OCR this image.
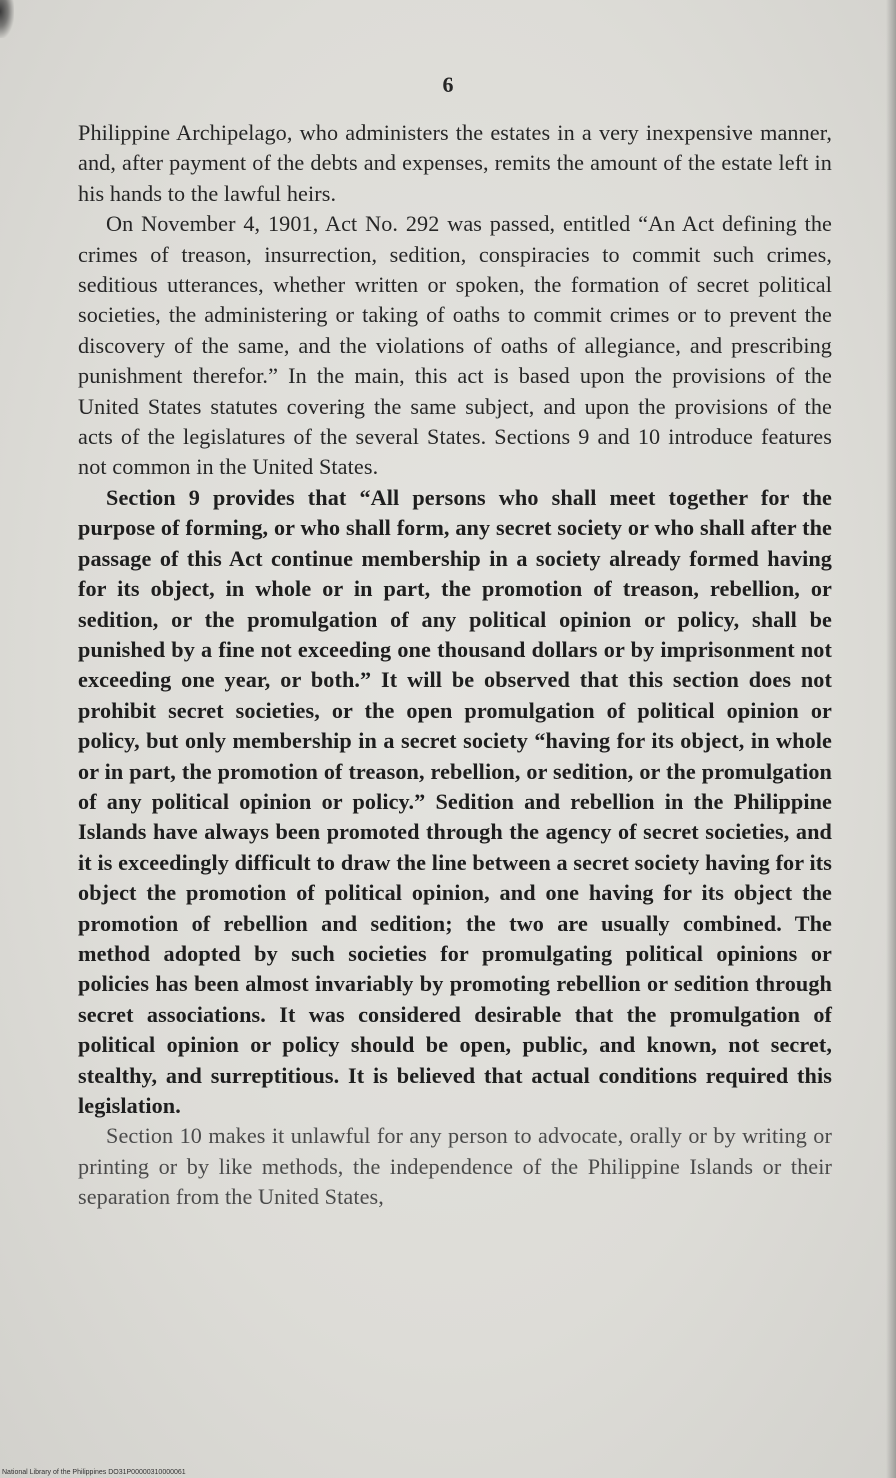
6

Philippine Archipelago, who administers the estates in a very inexpensive manner, and, after payment of the debts and expenses, remits the amount of the estate left in his hands to the lawful heirs.

On November 4, 1901, Act No. 292 was passed, entitled “An Act defining the crimes of treason, insurrection, sedition, conspiracies to commit such crimes, seditious utterances, whether written or spoken, the formation of secret political societies, the administering or taking of oaths to commit crimes or to prevent the discovery of the same, and the violations of oaths of allegiance, and prescribing punishment therefor.” In the main, this act is based upon the provisions of the United States statutes covering the same subject, and upon the provisions of the acts of the legislatures of the several States. Sections 9 and 10 introduce features not common in the United States.

Section 9 provides that “All persons who shall meet together for the purpose of forming, or who shall form, any secret society or who shall after the passage of this Act continue membership in a society already formed having for its object, in whole or in part, the promotion of treason, rebellion, or sedition, or the promulgation of any political opinion or policy, shall be punished by a fine not exceeding one thousand dollars or by imprisonment not exceeding one year, or both.” It will be observed that this section does not prohibit secret societies, or the open promulgation of political opinion or policy, but only membership in a secret society “having for its object, in whole or in part, the promotion of treason, rebellion, or sedition, or the promulgation of any political opinion or policy.” Sedition and rebellion in the Philippine Islands have always been promoted through the agency of secret societies, and it is exceedingly difficult to draw the line between a secret society having for its object the promotion of political opinion, and one having for its object the promotion of rebellion and sedition; the two are usually combined. The method adopted by such societies for promulgating political opinions or policies has been almost invariably by promoting rebellion or sedition through secret associations. It was considered desirable that the promulgation of political opinion or policy should be open, public, and known, not secret, stealthy, and surreptitious. It is believed that actual conditions required this legislation.

Section 10 makes it unlawful for any person to advocate, orally or by writing or printing or by like methods, the independence of the Philippine Islands or their separation from the United States,

National Library of the Philippines DO31P00000310000061
